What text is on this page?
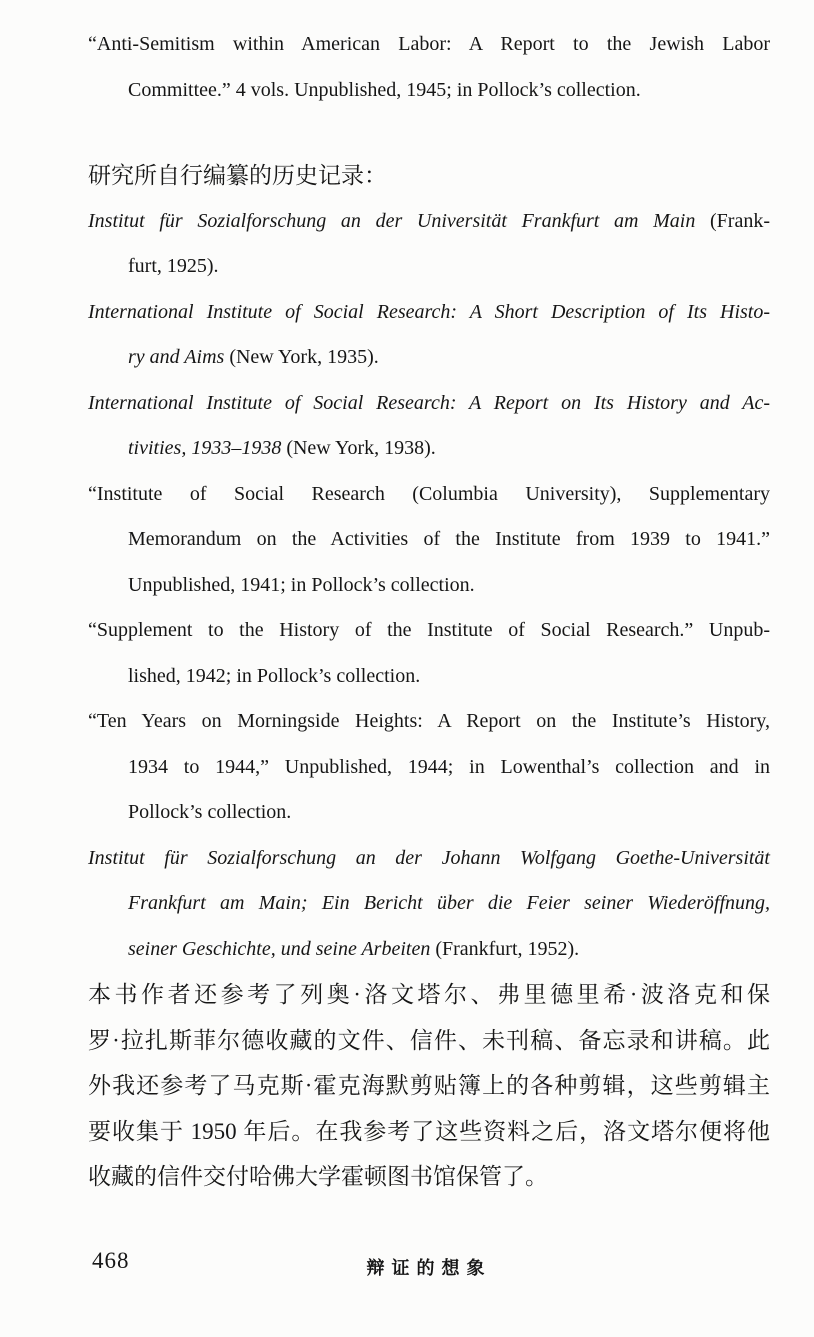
“Anti-Semitism within American Labor: A Report to the Jewish Labor
Committee.” 4 vols. Unpublished, 1945; in Pollock’s collection.
研究所自行编纂的历史记录：
Institut für Sozialforschung an der Universität Frankfurt am Main (Frank-
furt, 1925).
International Institute of Social Research: A Short Description of Its Histo-
ry and Aims (New York, 1935).
International Institute of Social Research: A Report on Its History and Ac-
tivities, 1933–1938 (New York, 1938).
“Institute of Social Research (Columbia University), Supplementary
Memorandum on the Activities of the Institute from 1939 to 1941.”
Unpublished, 1941; in Pollock’s collection.
“Supplement to the History of the Institute of Social Research.” Unpub-
lished, 1942; in Pollock’s collection.
“Ten Years on Morningside Heights: A Report on the Institute’s History,
1934 to 1944,” Unpublished, 1944; in Lowenthal’s collection and in
Pollock’s collection.
Institut für Sozialforschung an der Johann Wolfgang Goethe-Universität
Frankfurt am Main; Ein Bericht über die Feier seiner Wiederöffnung,
seiner Geschichte, und seine Arbeiten (Frankfurt, 1952).
本书作者还参考了列奥·洛文塔尔、弗里德里希·波洛克和保
罗·拉扎斯菲尔德收藏的文件、信件、未刊稿、备忘录和讲稿。此
外我还参考了马克斯·霍克海默剪贴簿上的各种剪辑，这些剪辑主
要收集于 1950 年后。在我参考了这些资料之后，洛文塔尔便将他
收藏的信件交付哈佛大学霍顿图书馆保管了。
468	辩证的想象
